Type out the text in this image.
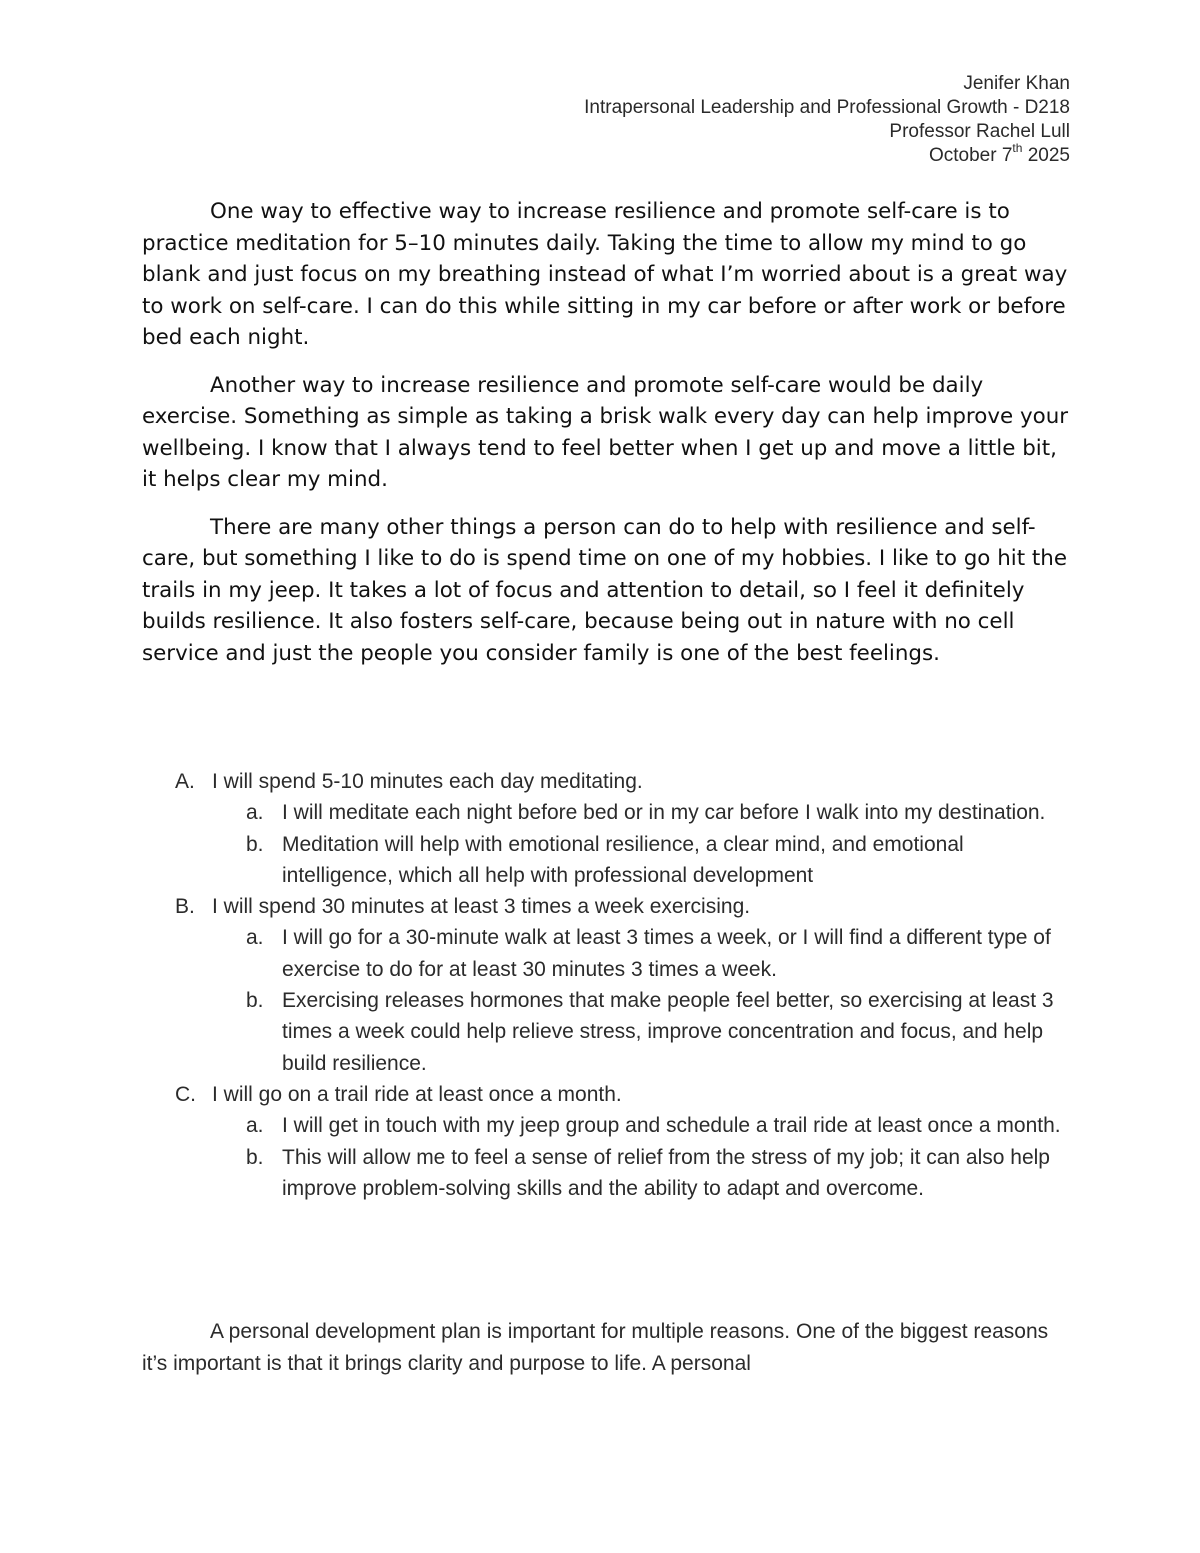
Jenifer Khan
Intrapersonal Leadership and Professional Growth - D218
Professor Rachel Lull
October 7th 2025

One way to effective way to increase resilience and promote self-care is to practice meditation for 5–10 minutes daily. Taking the time to allow my mind to go blank and just focus on my breathing instead of what I’m worried about is a great way to work on self-care. I can do this while sitting in my car before or after work or before bed each night.

Another way to increase resilience and promote self-care would be daily exercise. Something as simple as taking a brisk walk every day can help improve your wellbeing. I know that I always tend to feel better when I get up and move a little bit, it helps clear my mind.

There are many other things a person can do to help with resilience and self-care, but something I like to do is spend time on one of my hobbies. I like to go hit the trails in my jeep. It takes a lot of focus and attention to detail, so I feel it definitely builds resilience. It also fosters self-care, because being out in nature with no cell service and just the people you consider family is one of the best feelings.

A. I will spend 5-10 minutes each day meditating.
a. I will meditate each night before bed or in my car before I walk into my destination.
b. Meditation will help with emotional resilience, a clear mind, and emotional intelligence, which all help with professional development
B. I will spend 30 minutes at least 3 times a week exercising.
a. I will go for a 30-minute walk at least 3 times a week, or I will find a different type of exercise to do for at least 30 minutes 3 times a week.
b. Exercising releases hormones that make people feel better, so exercising at least 3 times a week could help relieve stress, improve concentration and focus, and help build resilience.
C. I will go on a trail ride at least once a month.
a. I will get in touch with my jeep group and schedule a trail ride at least once a month.
b. This will allow me to feel a sense of relief from the stress of my job; it can also help improve problem-solving skills and the ability to adapt and overcome.

A personal development plan is important for multiple reasons. One of the biggest reasons it’s important is that it brings clarity and purpose to life. A personal
